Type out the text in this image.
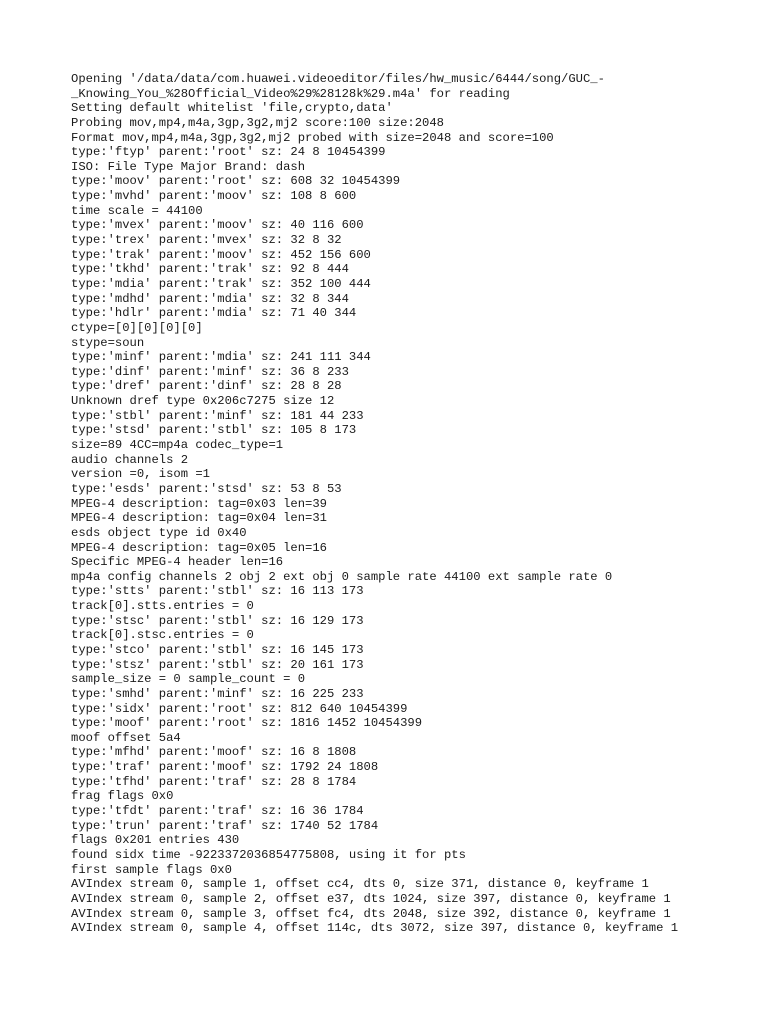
Opening '/data/data/com.huawei.videoeditor/files/hw_music/6444/song/GUC_-
_Knowing_You_%28Official_Video%29%28128k%29.m4a' for reading
Setting default whitelist 'file,crypto,data'
Probing mov,mp4,m4a,3gp,3g2,mj2 score:100 size:2048
Format mov,mp4,m4a,3gp,3g2,mj2 probed with size=2048 and score=100
type:'ftyp' parent:'root' sz: 24 8 10454399
ISO: File Type Major Brand: dash
type:'moov' parent:'root' sz: 608 32 10454399
type:'mvhd' parent:'moov' sz: 108 8 600
time scale = 44100
type:'mvex' parent:'moov' sz: 40 116 600
type:'trex' parent:'mvex' sz: 32 8 32
type:'trak' parent:'moov' sz: 452 156 600
type:'tkhd' parent:'trak' sz: 92 8 444
type:'mdia' parent:'trak' sz: 352 100 444
type:'mdhd' parent:'mdia' sz: 32 8 344
type:'hdlr' parent:'mdia' sz: 71 40 344
ctype=[0][0][0][0]
stype=soun
type:'minf' parent:'mdia' sz: 241 111 344
type:'dinf' parent:'minf' sz: 36 8 233
type:'dref' parent:'dinf' sz: 28 8 28
Unknown dref type 0x206c7275 size 12
type:'stbl' parent:'minf' sz: 181 44 233
type:'stsd' parent:'stbl' sz: 105 8 173
size=89 4CC=mp4a codec_type=1
audio channels 2
version =0, isom =1
type:'esds' parent:'stsd' sz: 53 8 53
MPEG-4 description: tag=0x03 len=39
MPEG-4 description: tag=0x04 len=31
esds object type id 0x40
MPEG-4 description: tag=0x05 len=16
Specific MPEG-4 header len=16
mp4a config channels 2 obj 2 ext obj 0 sample rate 44100 ext sample rate 0
type:'stts' parent:'stbl' sz: 16 113 173
track[0].stts.entries = 0
type:'stsc' parent:'stbl' sz: 16 129 173
track[0].stsc.entries = 0
type:'stco' parent:'stbl' sz: 16 145 173
type:'stsz' parent:'stbl' sz: 20 161 173
sample_size = 0 sample_count = 0
type:'smhd' parent:'minf' sz: 16 225 233
type:'sidx' parent:'root' sz: 812 640 10454399
type:'moof' parent:'root' sz: 1816 1452 10454399
moof offset 5a4
type:'mfhd' parent:'moof' sz: 16 8 1808
type:'traf' parent:'moof' sz: 1792 24 1808
type:'tfhd' parent:'traf' sz: 28 8 1784
frag flags 0x0
type:'tfdt' parent:'traf' sz: 16 36 1784
type:'trun' parent:'traf' sz: 1740 52 1784
flags 0x201 entries 430
found sidx time -9223372036854775808, using it for pts
first sample flags 0x0
AVIndex stream 0, sample 1, offset cc4, dts 0, size 371, distance 0, keyframe 1
AVIndex stream 0, sample 2, offset e37, dts 1024, size 397, distance 0, keyframe 1
AVIndex stream 0, sample 3, offset fc4, dts 2048, size 392, distance 0, keyframe 1
AVIndex stream 0, sample 4, offset 114c, dts 3072, size 397, distance 0, keyframe 1
